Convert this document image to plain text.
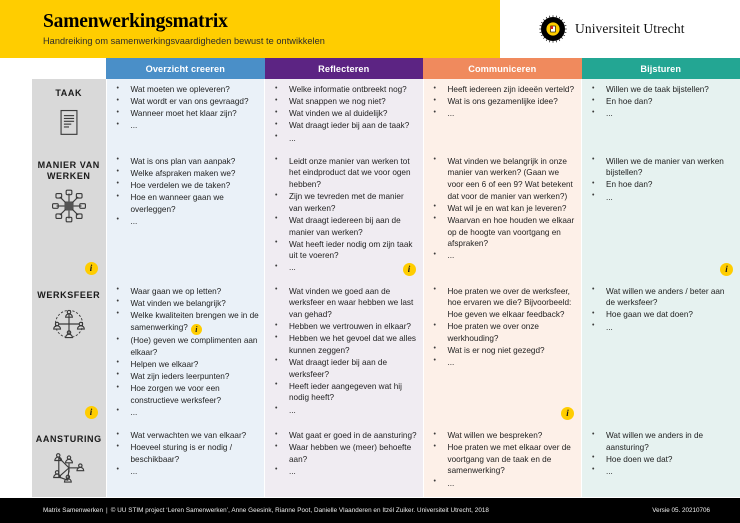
Samenwerkingsmatrix
Handreiking om samenwerkingsvaardigheden bewust te ontwikkelen
Universiteit Utrecht
	Overzicht creeren	Reflecteren	Communiceren	Bijsturen

TAAK

•Wat moeten we opleveren?
• Wat wordt er van ons gevraagd?
• Wanneer moet het klaar zijn?
• ...

• Welke informatie ontbreekt nog?
• Wat snappen we nog niet?
• Wat vinden we al duidelijk?
• Wat draagt ieder bij aan de taak?
• ...

• Heeft iedereen zijn ideeën verteld?
• Wat is ons gezamenlijke idee?
• ...

• Willen we de taak bijstellen?
• En hoe dan?
• ...

MANIER VAN WERKEN
i

• Wat is ons plan van aanpak?
• Welke afspraken maken we?
• Hoe verdelen we de taken?
• Hoe en wanneer gaan we overleggen?
• ...

• Leidt onze manier van werken tot het eindproduct dat we voor ogen hebben?
• Zijn we tevreden met de manier van werken?
• Wat draagt iedereen bij aan de manier van werken?
• Wat heeft ieder nodig om zijn taak uit te voeren?
• ...	i

• Wat vinden we belangrijk in onze manier van werken? (Gaan we voor een 6 of een 9? Wat betekent dat voor de manier van werken?)
• Wat wil je en wat kan je leveren?
• Waarvan en hoe houden we elkaar op de hoogte van voortgang en afspraken?
• ...

• Willen we de manier van werken bijstellen?
• En hoe dan?
• ...
i

WERKSFEER
i

• Waar gaan we op letten?
• Wat vinden we belangrijk?
• Welke kwaliteiten brengen we in de samenwerking? i
• (Hoe) geven we complimenten aan elkaar?
• Helpen we elkaar?
• Wat zijn ieders leerpunten?
• Hoe zorgen we voor een constructieve werksfeer?
• ...

• Wat vinden we goed aan de werksfeer en waar hebben we last van gehad?
• Hebben we vertrouwen in elkaar?
• Hebben we het gevoel dat we alles kunnen zeggen?
• Wat draagt ieder bij aan de werksfeer?
• Heeft ieder aangegeven wat hij nodig heeft?
• ...

• Hoe praten we over de werksfeer, hoe ervaren we die? Bijvoorbeeld: Hoe geven we elkaar feedback?
• Hoe praten we over onze werkhouding?
• Wat is er nog niet gezegd?
• ...
i

• Wat willen we anders / beter aan de werksfeer?
• Hoe gaan we dat doen?
• ...

AANSTURING

•Wat verwachten we van elkaar?
• Hoeveel sturing is er nodig / beschikbaar?
• ...

• Wat gaat er goed in de aansturing?
• Waar hebben we (meer) behoefte aan?
• ...

• Wat willen we bespreken?
• Hoe praten we met elkaar over de voortgang van de taak en de samenwerking?
• ...

• Wat willen we anders in de aansturing?
• Hoe doen we dat?
• ...
Matrix Samenwerken | © UU STIM project ‘Leren Samenwerken’, Anne Geesink, Rianne Poot, Danielle Vlaanderen en Itzél Zuiker. Universiteit Utrecht, 2018	Versie 05. 20210706
